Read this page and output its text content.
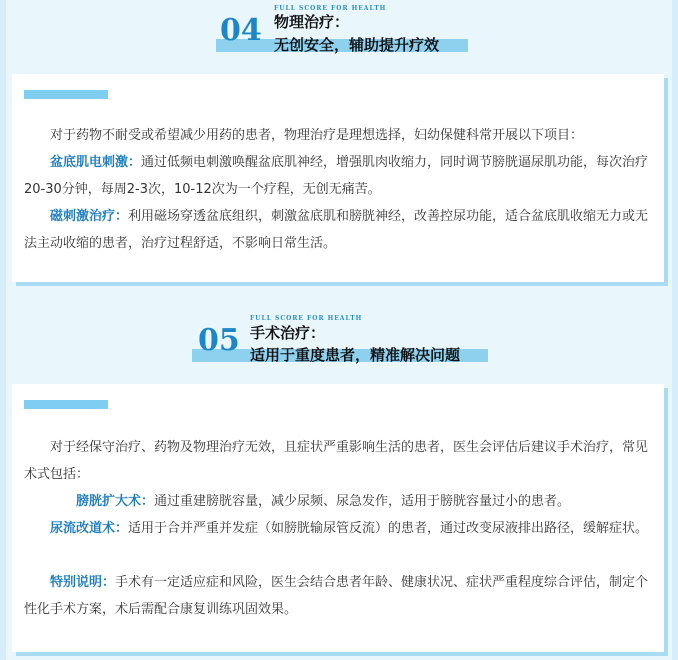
FULL SCORE FOR HEALTH
04 物理治疗：
无创安全，辅助提升疗效
对于药物不耐受或希望减少用药的患者，物理治疗是理想选择，妇幼保健科常开展以下项目：
盆底肌电刺激：通过低频电刺激唤醒盆底肌神经，增强肌肉收缩力，同时调节膀胱逼尿肌功能，每次治疗20-30分钟，每周2-3次，10-12次为一个疗程，无创无痛苦。
磁刺激治疗：利用磁场穿透盆底组织，刺激盆底肌和膀胱神经，改善控尿功能，适合盆底肌收缩无力或无法主动收缩的患者，治疗过程舒适，不影响日常生活。
FULL SCORE FOR HEALTH
05 手术治疗：
适用于重度患者，精准解决问题
对于经保守治疗、药物及物理治疗无效，且症状严重影响生活的患者，医生会评估后建议手术治疗，常见术式包括：
膀胱扩大术：通过重建膀胱容量，减少尿频、尿急发作，适用于膀胱容量过小的患者。
尿流改道术：适用于合并严重并发症（如膀胱输尿管反流）的患者，通过改变尿液排出路径，缓解症状。
特别说明：手术有一定适应症和风险，医生会结合患者年龄、健康状况、症状严重程度综合评估，制定个性化手术方案，术后需配合康复训练巩固效果。
